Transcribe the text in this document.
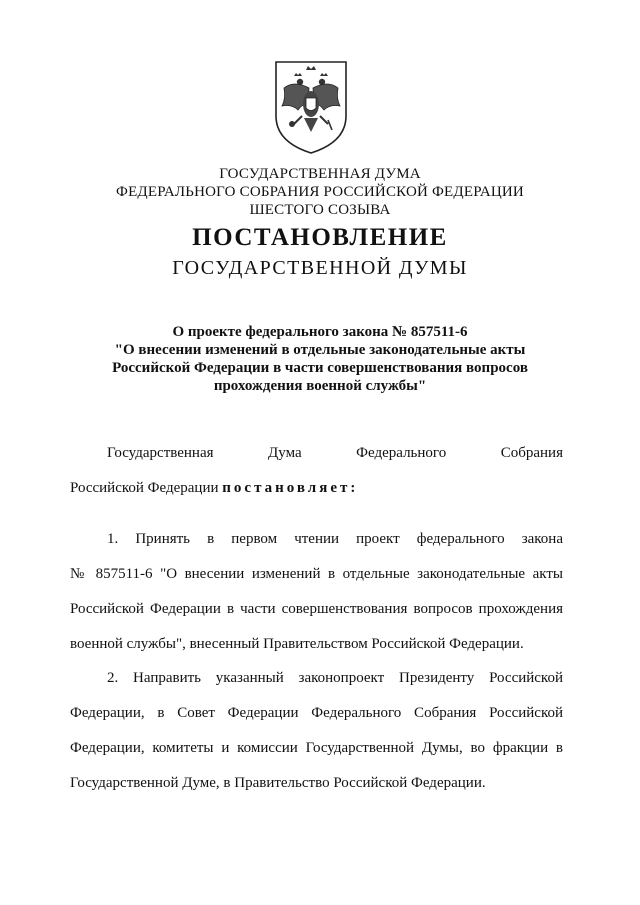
ГОСУДАРСТВЕННАЯ ДУМА
ФЕДЕРАЛЬНОГО СОБРАНИЯ РОССИЙСКОЙ ФЕДЕРАЦИИ
ШЕСТОГО СОЗЫВА
ПОСТАНОВЛЕНИЕ
ГОСУДАРСТВЕННОЙ ДУМЫ
О проекте федерального закона № 857511-6
"О внесении изменений в отдельные законодательные акты
Российской Федерации в части совершенствования вопросов
прохождения военной службы"
Государственная Дума Федерального Собрания
Российской Федерации постановляет:
1. Принять в первом чтении проект федерального закона
№ 857511-6 "О внесении изменений в отдельные законодательные акты
Российской Федерации в части совершенствования вопросов прохождения
военной службы", внесенный Правительством Российской Федерации.
2. Направить указанный законопроект Президенту Российской
Федерации, в Совет Федерации Федерального Собрания Российской
Федерации, комитеты и комиссии Государственной Думы, во фракции в
Государственной Думе, в Правительство Российской Федерации.
